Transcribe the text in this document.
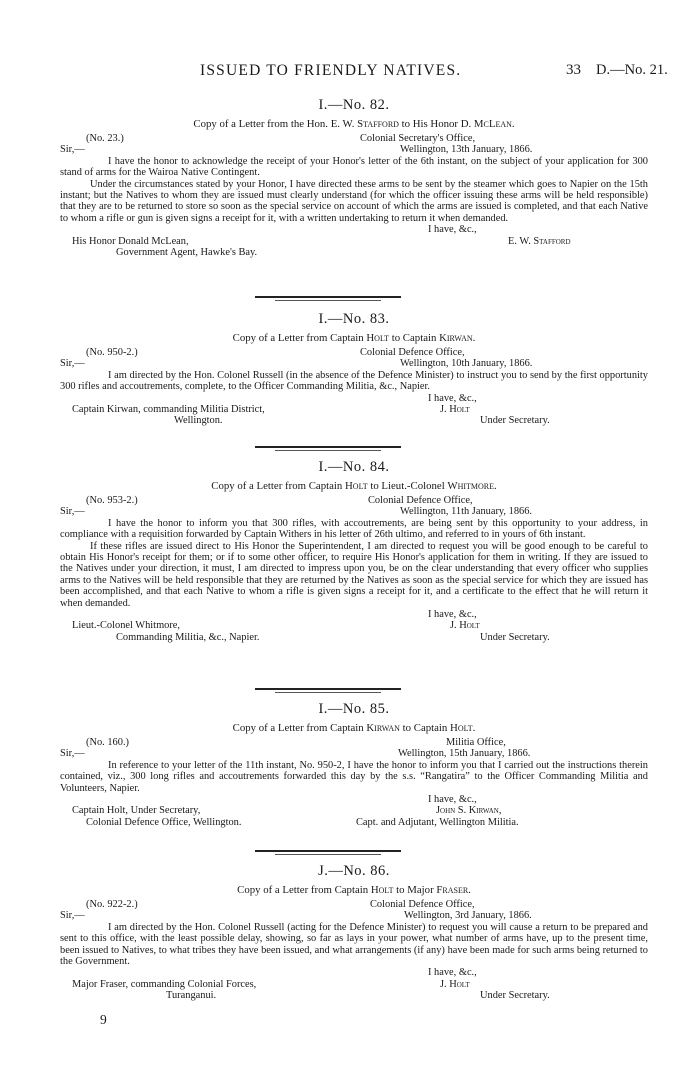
ISSUED TO FRIENDLY NATIVES.	33 D.—No. 21.
I.—No. 82.
Copy of a Letter from the Hon. E. W. Stafford to His Honor D. McLean.
(No. 23.)	Colonial Secretary's Office,
Sir,—	Wellington, 13th January, 1866.

I have the honor to acknowledge the receipt of your Honor's letter of the 6th instant, on the subject of your application for 300 stand of arms for the Wairoa Native Contingent.

Under the circumstances stated by your Honor, I have directed these arms to be sent by the steamer which goes to Napier on the 15th instant; but the Natives to whom they are issued must clearly understand (for which the officer issuing these arms will be held responsible) that they are to be returned to store so soon as the special service on account of which the arms are issued is completed, and that each Native to whom a rifle or gun is given signs a receipt for it, with a written undertaking to return it when demanded.

I have, &c.,
His Honor Donald McLean,	E. W. Stafford
Government Agent, Hawke's Bay.
I.—No. 83.
Copy of a Letter from Captain Holt to Captain Kirwan.
(No. 950-2.)	Colonial Defence Office,
Sir,—	Wellington, 10th January, 1866.

I am directed by the Hon. Colonel Russell (in the absence of the Defence Minister) to instruct you to send by the first opportunity 300 rifles and accoutrements, complete, to the Officer Commanding Militia, &c., Napier.

I have, &c.,
Captain Kirwan, commanding Militia District,	J. Holt
Wellington.	Under Secretary.
I.—No. 84.
Copy of a Letter from Captain Holt to Lieut.-Colonel Whitmore.
(No. 953-2.)	Colonial Defence Office,
Sir,—	Wellington, 11th January, 1866.

I have the honor to inform you that 300 rifles, with accoutrements, are being sent by this opportunity to your address, in compliance with a requisition forwarded by Captain Withers in his letter of 26th ultimo, and referred to in yours of 6th instant.

If these rifles are issued direct to His Honor the Superintendent, I am directed to request you will be good enough to be careful to obtain His Honor's receipt for them; or if to some other officer, to require His Honor's application for them in writing. If they are issued to the Natives under your direction, it must, I am directed to impress upon you, be on the clear understanding that every officer who supplies arms to the Natives will be held responsible that they are returned by the Natives as soon as the special service for which they are issued has been accomplished, and that each Native to whom a rifle is given signs a receipt for it, and a certificate to the effect that he will return it when demanded.

I have, &c.,
Lieut.-Colonel Whitmore,	J. Holt
Commanding Militia, &c., Napier.	Under Secretary.
I.—No. 85.
Copy of a Letter from Captain Kirwan to Captain Holt.
(No. 160.)	Militia Office,
Sir,—	Wellington, 15th January, 1866.

In reference to your letter of the 11th instant, No. 950-2, I have the honor to inform you that I carried out the instructions therein contained, viz., 300 long rifles and accoutrements forwarded this day by the s.s. “Rangatira” to the Officer Commanding Militia and Volunteers, Napier.

I have, &c.,
Captain Holt, Under Secretary,	John S. Kirwan,
Colonial Defence Office, Wellington.	Capt. and Adjutant, Wellington Militia.
J.—No. 86.
Copy of a Letter from Captain Holt to Major Fraser.
(No. 922-2.)	Colonial Defence Office,
Sir,—	Wellington, 3rd January, 1866.

I am directed by the Hon. Colonel Russell (acting for the Defence Minister) to request you will cause a return to be prepared and sent to this office, with the least possible delay, showing, so far as lays in your power, what number of arms have, up to the present time, been issued to Natives, to what tribes they have been issued, and what arrangements (if any) have been made for such arms being returned to the Government.

I have, &c.,
Major Fraser, commanding Colonial Forces,	J. Holt
Turanganui.	Under Secretary.
9
